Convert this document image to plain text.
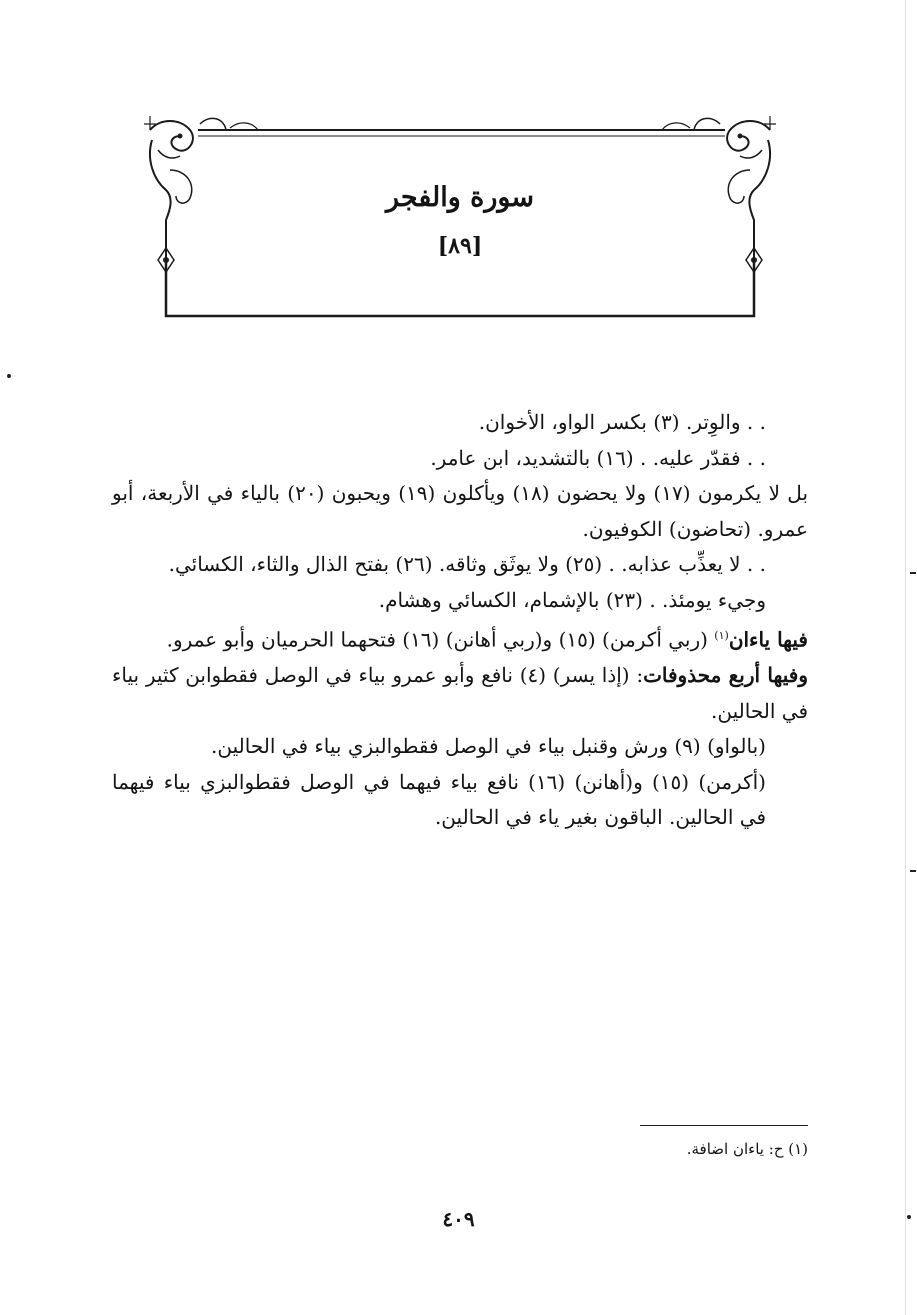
سورة والفجر
[٨٩]

. . والوِتر. (٣) بكسر الواو، الأخوان.

. . فقدّر عليه. . (١٦) بالتشديد، ابن عامر.

بل لا يكرمون (١٧) ولا يحضون (١٨) ويأكلون (١٩) ويحبون (٢٠) بالياء في الأربعة، أبو عمرو. (تحاضون) الكوفيون.

. . لا يعذِّب عذابه. . (٢٥) ولا يوثَق وثاقه. (٢٦) بفتح الذال والثاء، الكسائي.

وجيء يومئذ. . (٢٣) بالإشمام، الكسائي وهشام.

فيها ياءان$^{(١)}$ (ربي أكرمن) (١٥) و(ربي أهانن) (١٦) فتحهما الحرميان وأبو عمرو.

وفيها أربع محذوفات: (إذا يسر) (٤) نافع وأبو عمرو بياء في الوصل فقطوابن كثير بياء في الحالين.

(بالواو) (٩) ورش وقنبل بياء في الوصل فقطوالبزي بياء في الحالين.

(أكرمن) (١٥) و(أهانن) (١٦) نافع بياء فيهما في الوصل فقطوالبزي بياء فيهما في الحالين. الباقون بغير ياء في الحالين.

(١) ح: ياءان اضافة.
٤٠٩
